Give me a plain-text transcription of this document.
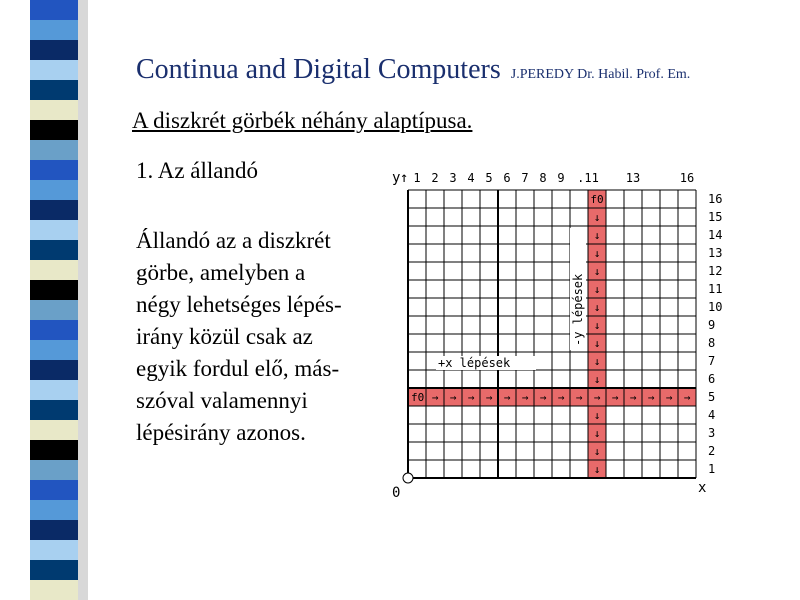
Continua and Digital Computers J.PEREDY Dr. Habil. Prof. Em.
A diszkrét görbék néhány alaptípusa.
1. Az állandó

Állandó az a diszkrét
görbe, amelyben a
négy lehetséges lépés-
irány közül csak az
egyik fordul elő, más-
szóval valamennyi
lépésirány azonos.

→ → → → → → → → → → → → → → →
↓
↓
↓
↓
↓
↓
↓
↓
↓
↓
↓
↓
↓
↓
f0
f0
1 2 3 4 5 6 7 8 9 .11 13	16
16
15
14
13
12
11
10
9
8
7
6
5
4
3
2
1
y ↑
x
0
+x lépések
-y lépések
